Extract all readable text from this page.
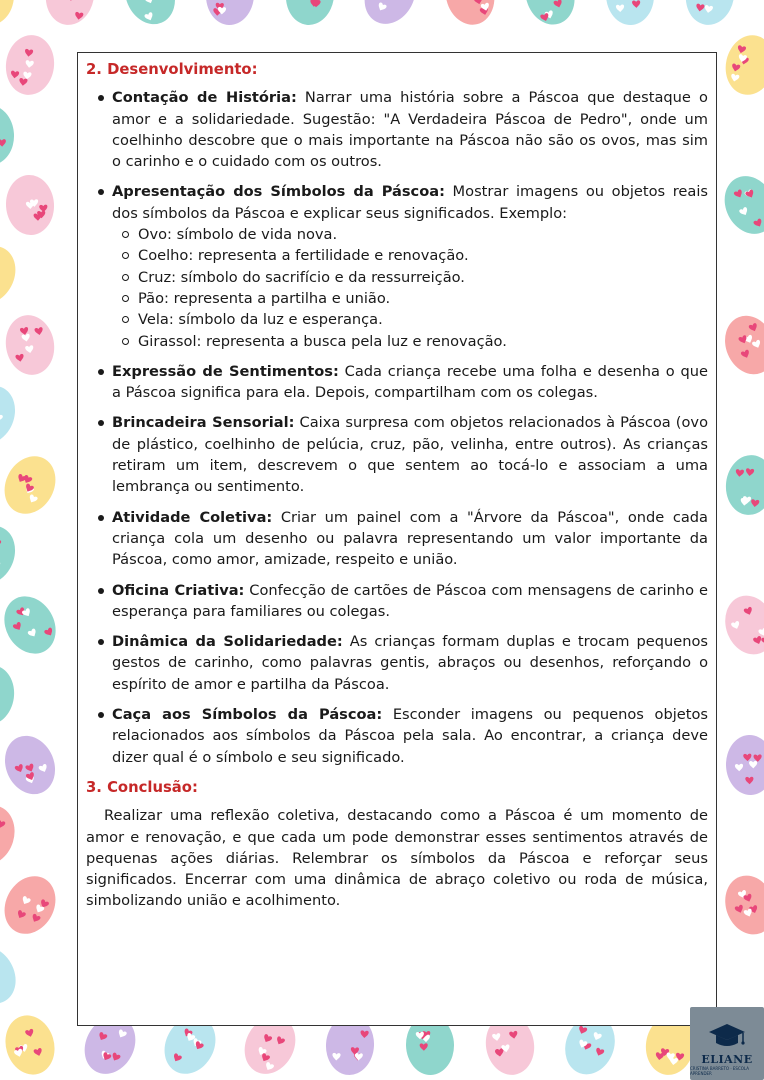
2. Desenvolvimento:
Contação de História: Narrar uma história sobre a Páscoa que destaque o amor e a solidariedade. Sugestão: "A Verdadeira Páscoa de Pedro", onde um coelhinho descobre que o mais importante na Páscoa não são os ovos, mas sim o carinho e o cuidado com os outros.
Apresentação dos Símbolos da Páscoa: Mostrar imagens ou objetos reais dos símbolos da Páscoa e explicar seus significados. Exemplo:
Ovo: símbolo de vida nova.
Coelho: representa a fertilidade e renovação.
Cruz: símbolo do sacrifício e da ressurreição.
Pão: representa a partilha e união.
Vela: símbolo da luz e esperança.
Girassol: representa a busca pela luz e renovação.
Expressão de Sentimentos: Cada criança recebe uma folha e desenha o que a Páscoa significa para ela. Depois, compartilham com os colegas.
Brincadeira Sensorial: Caixa surpresa com objetos relacionados à Páscoa (ovo de plástico, coelhinho de pelúcia, cruz, pão, velinha, entre outros). As crianças retiram um item, descrevem o que sentem ao tocá-lo e associam a uma lembrança ou sentimento.
Atividade Coletiva: Criar um painel com a "Árvore da Páscoa", onde cada criança cola um desenho ou palavra representando um valor importante da Páscoa, como amor, amizade, respeito e união.
Oficina Criativa: Confecção de cartões de Páscoa com mensagens de carinho e esperança para familiares ou colegas.
Dinâmica da Solidariedade: As crianças formam duplas e trocam pequenos gestos de carinho, como palavras gentis, abraços ou desenhos, reforçando o espírito de amor e partilha da Páscoa.
Caça aos Símbolos da Páscoa: Esconder imagens ou pequenos objetos relacionados aos símbolos da Páscoa pela sala. Ao encontrar, a criança deve dizer qual é o símbolo e seu significado.
3. Conclusão:

Realizar uma reflexão coletiva, destacando como a Páscoa é um momento de amor e renovação, e que cada um pode demonstrar esses sentimentos através de pequenas ações diárias. Relembrar os símbolos da Páscoa e reforçar seus significados. Encerrar com uma dinâmica de abraço coletivo ou roda de música, simbolizando união e acolhimento.

ELIANE
CRISTINA BARRETO · ESCOLA APRENDER
